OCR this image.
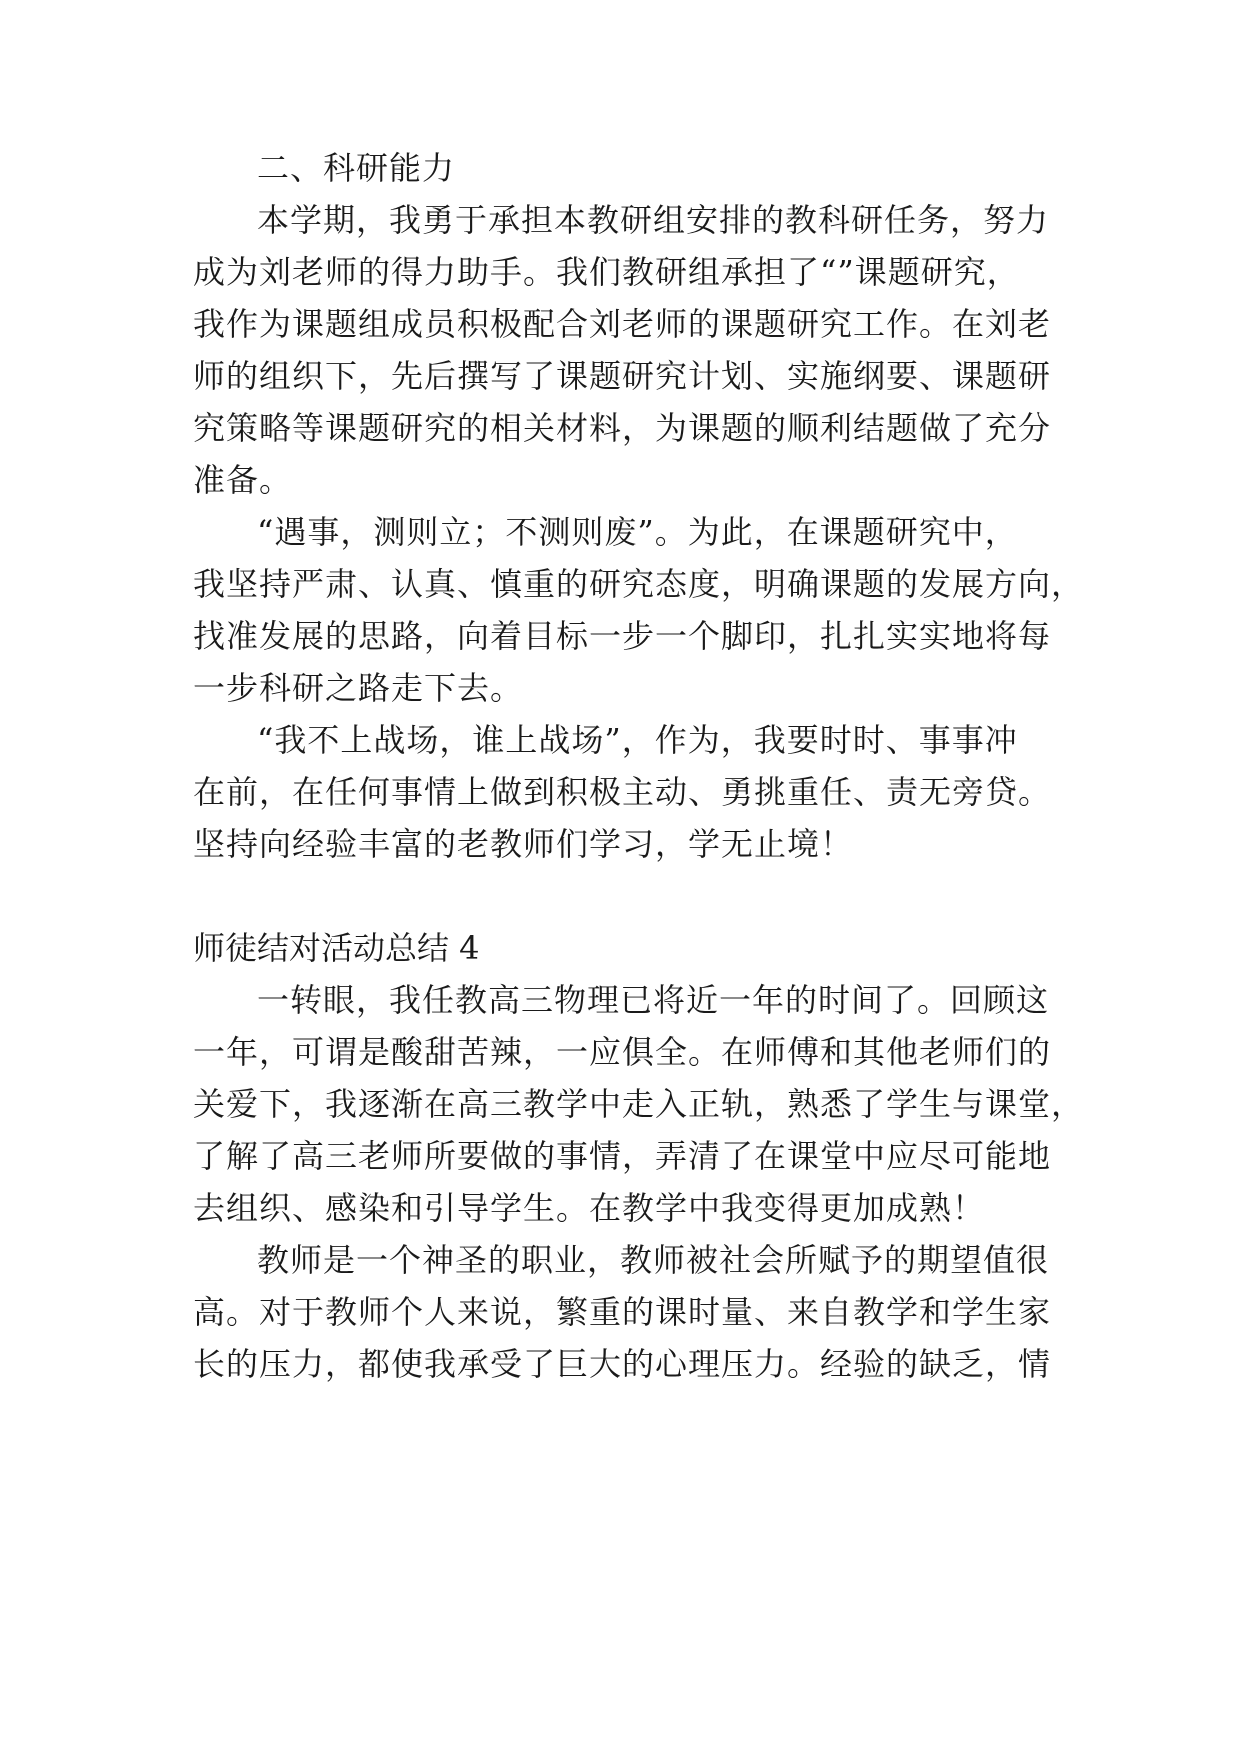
二、科研能力
本学期，我勇于承担本教研组安排的教科研任务，努力
成为刘老师的得力助手。我们教研组承担了“”课题研究，
我作为课题组成员积极配合刘老师的课题研究工作。在刘老
师的组织下，先后撰写了课题研究计划、实施纲要、课题研
究策略等课题研究的相关材料，为课题的顺利结题做了充分
准备。
“遇事，测则立；不测则废”。为此，在课题研究中，
我坚持严肃、认真、慎重的研究态度，明确课题的发展方向，
找准发展的思路，向着目标一步一个脚印，扎扎实实地将每
一步科研之路走下去。
“我不上战场，谁上战场”，作为，我要时时、事事冲
在前，在任何事情上做到积极主动、勇挑重任、责无旁贷。
坚持向经验丰富的老教师们学习，学无止境！
师徒结对活动总结 4
一转眼，我任教高三物理已将近一年的时间了。回顾这
一年，可谓是酸甜苦辣，一应俱全。在师傅和其他老师们的
关爱下，我逐渐在高三教学中走入正轨，熟悉了学生与课堂，
了解了高三老师所要做的事情，弄清了在课堂中应尽可能地
去组织、感染和引导学生。在教学中我变得更加成熟！
教师是一个神圣的职业，教师被社会所赋予的期望值很
高。对于教师个人来说，繁重的课时量、来自教学和学生家
长的压力，都使我承受了巨大的心理压力。经验的缺乏，情
